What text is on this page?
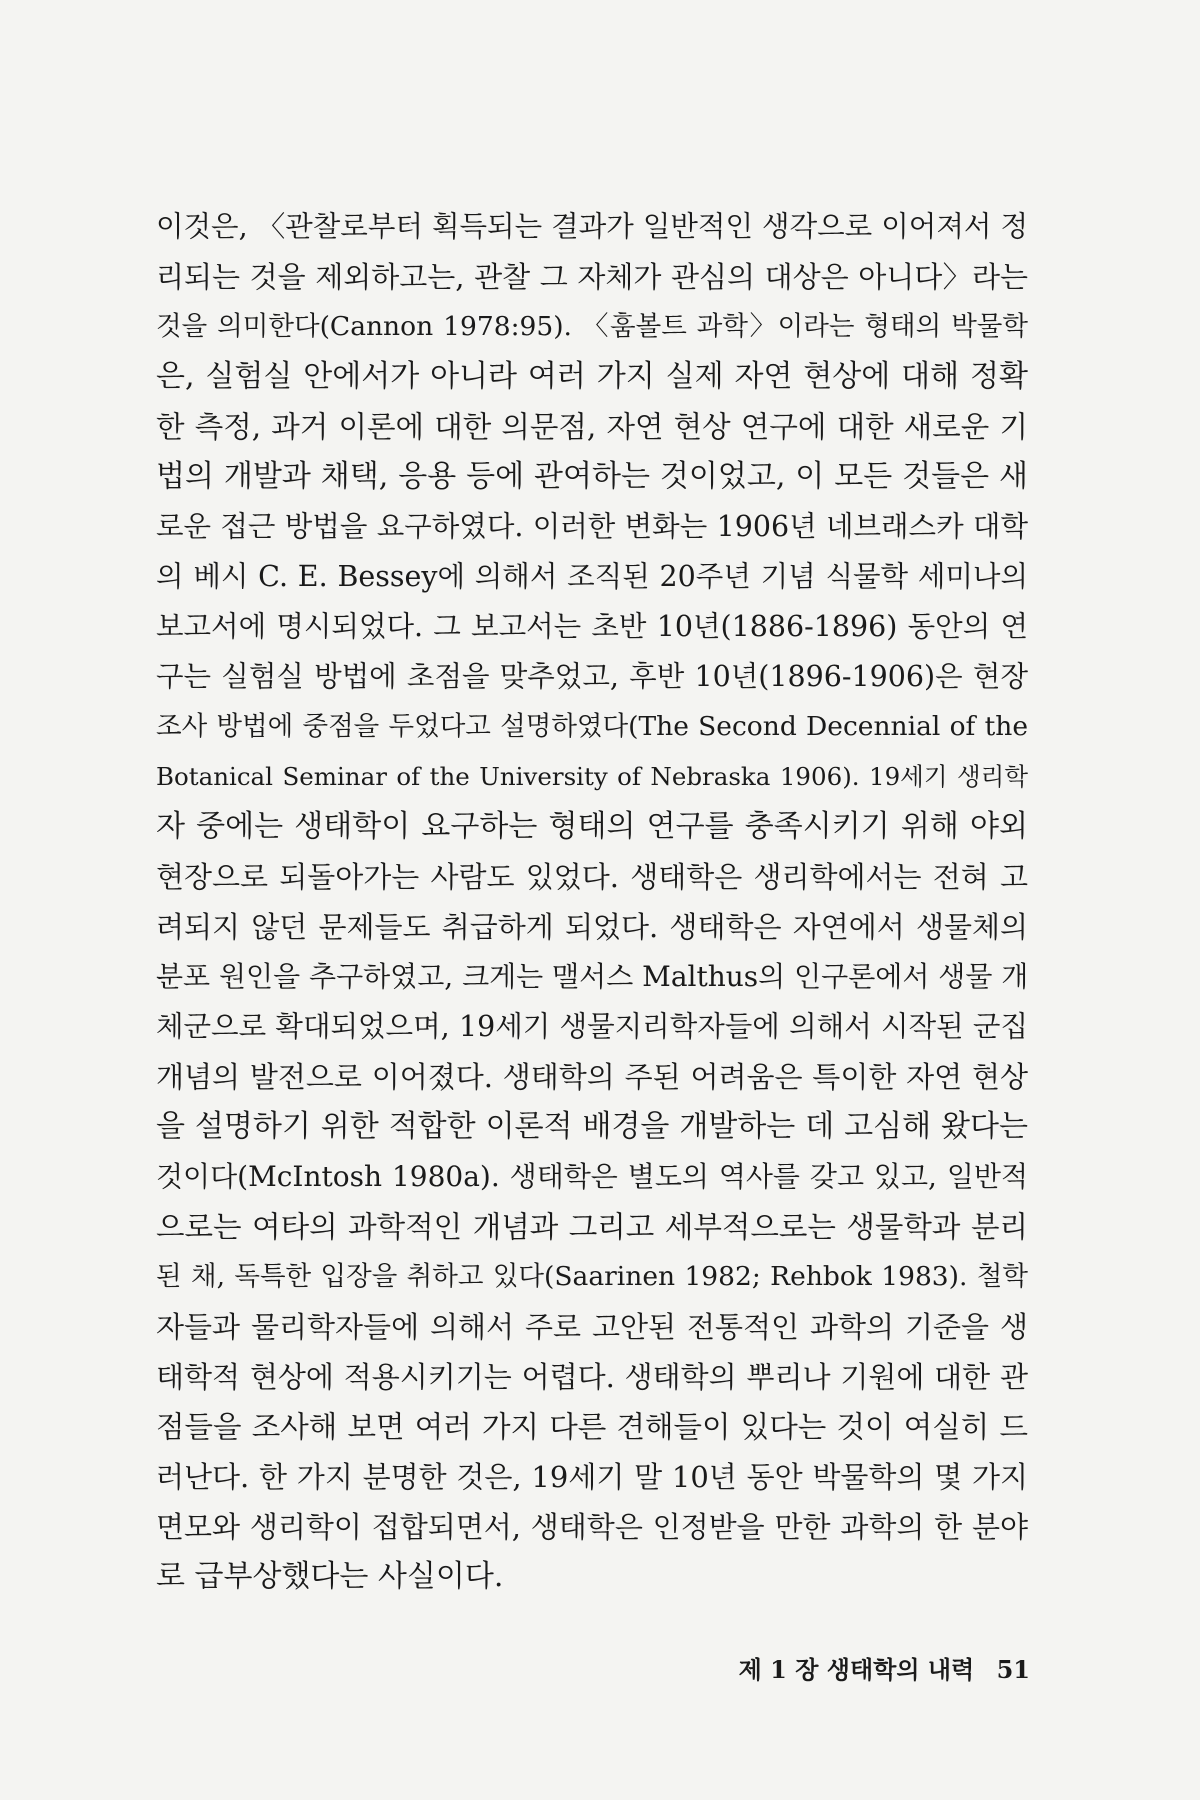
이것은, 〈관찰로부터 획득되는 결과가 일반적인 생각으로 이어져서 정
리되는 것을 제외하고는, 관찰 그 자체가 관심의 대상은 아니다〉라는
것을 의미한다(Cannon 1978:95). 〈훔볼트 과학〉이라는 형태의 박물학
은, 실험실 안에서가 아니라 여러 가지 실제 자연 현상에 대해 정확
한 측정, 과거 이론에 대한 의문점, 자연 현상 연구에 대한 새로운 기
법의 개발과 채택, 응용 등에 관여하는 것이었고, 이 모든 것들은 새
로운 접근 방법을 요구하였다. 이러한 변화는 1906년 네브래스카 대학
의 베시 C. E. Bessey에 의해서 조직된 20주년 기념 식물학 세미나의
보고서에 명시되었다. 그 보고서는 초반 10년(1886-1896) 동안의 연
구는 실험실 방법에 초점을 맞추었고, 후반 10년(1896-1906)은 현장
조사 방법에 중점을 두었다고 설명하였다(The Second Decennial of the
Botanical Seminar of the University of Nebraska 1906). 19세기 생리학
자 중에는 생태학이 요구하는 형태의 연구를 충족시키기 위해 야외
현장으로 되돌아가는 사람도 있었다. 생태학은 생리학에서는 전혀 고
려되지 않던 문제들도 취급하게 되었다. 생태학은 자연에서 생물체의
분포 원인을 추구하였고, 크게는 맬서스 Malthus의 인구론에서 생물 개
체군으로 확대되었으며, 19세기 생물지리학자들에 의해서 시작된 군집
개념의 발전으로 이어졌다. 생태학의 주된 어려움은 특이한 자연 현상
을 설명하기 위한 적합한 이론적 배경을 개발하는 데 고심해 왔다는
것이다(McIntosh 1980a). 생태학은 별도의 역사를 갖고 있고, 일반적
으로는 여타의 과학적인 개념과 그리고 세부적으로는 생물학과 분리
된 채, 독특한 입장을 취하고 있다(Saarinen 1982; Rehbok 1983). 철학
자들과 물리학자들에 의해서 주로 고안된 전통적인 과학의 기준을 생
태학적 현상에 적용시키기는 어렵다. 생태학의 뿌리나 기원에 대한 관
점들을 조사해 보면 여러 가지 다른 견해들이 있다는 것이 여실히 드
러난다. 한 가지 분명한 것은, 19세기 말 10년 동안 박물학의 몇 가지
면모와 생리학이 접합되면서, 생태학은 인정받을 만한 과학의 한 분야
로 급부상했다는 사실이다.
제 1 장 생태학의 내력 51
